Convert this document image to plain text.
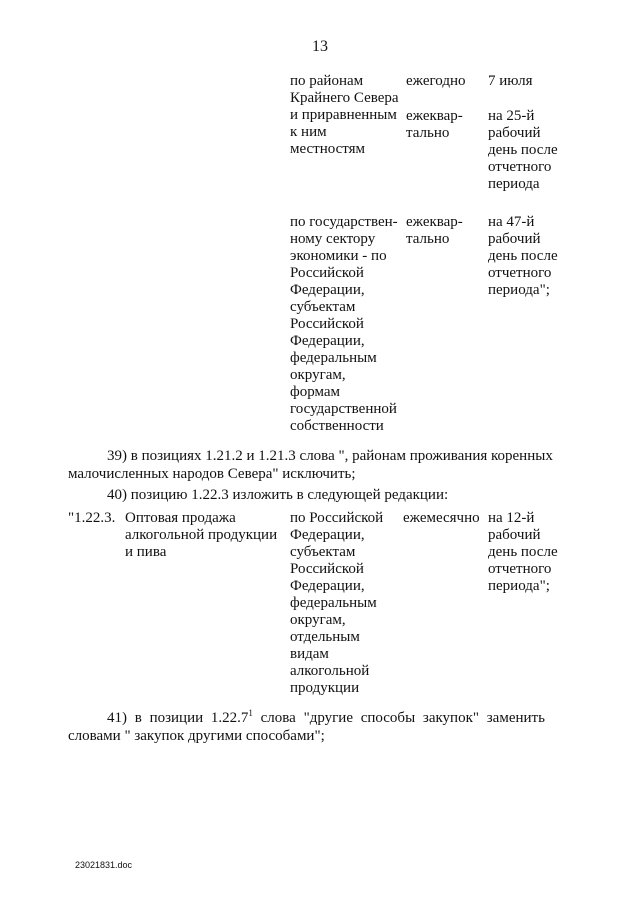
13
по районам
Крайнего Севера
и приравненным
к ним
местностям
ежегодно
ежеквар-
тально
7 июля
на 25-й
рабочий
день после
отчетного
периода
по государствен-
ному сектору
экономики - по
Российской
Федерации,
субъектам
Российской
Федерации,
федеральным
округам,
формам
государственной
собственности
ежеквар-
тально
на 47-й
рабочий
день после
отчетного
периода";
39) в позициях 1.21.2 и 1.21.3 слова ", районам проживания коренных
малочисленных народов Севера" исключить;
40) позицию 1.22.3 изложить в следующей редакции:
"1.22.3. Оптовая продажа
алкогольной продукции
и пива
по Российской
Федерации,
субъектам
Российской
Федерации,
федеральным
округам,
отдельным
видам
алкогольной
продукции
ежемесячно на 12-й
рабочий
день после
отчетного
периода";
41) в позиции 1.22.7$^1$ слова "другие способы закупок" заменить
словами " закупок другими способами";
23021831.doc
